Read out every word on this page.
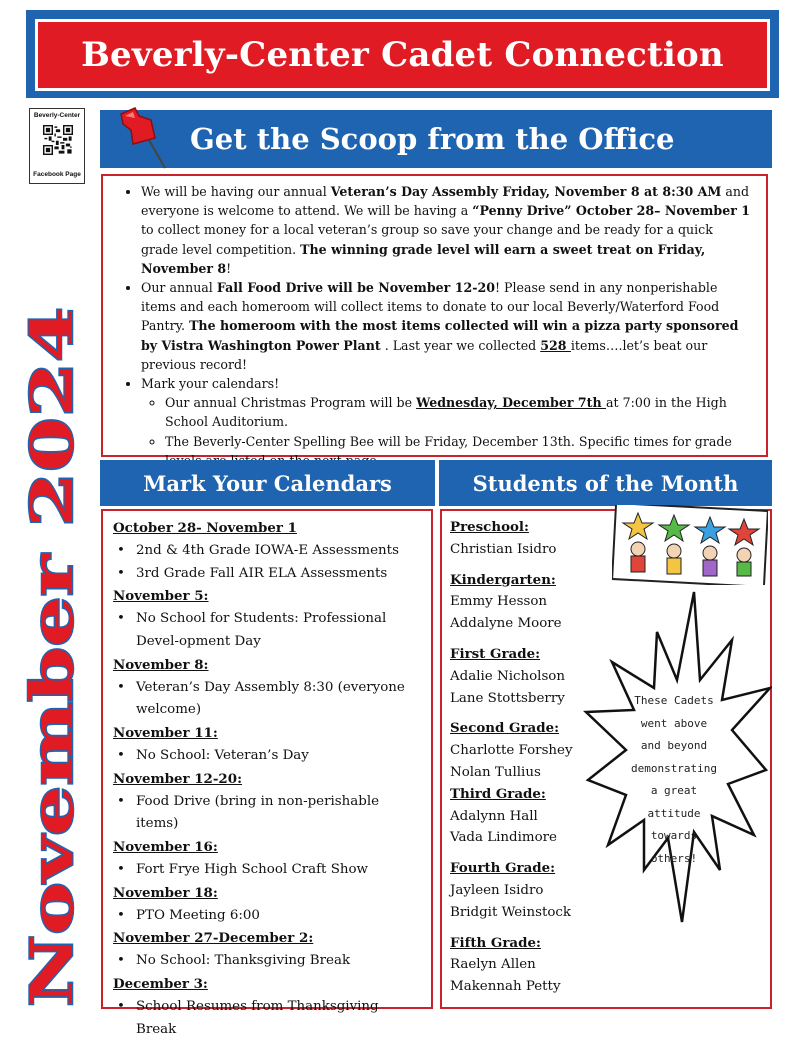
Beverly-Center Cadet Connection
Beverly-Center
Facebook Page
Get the Scoop from the Office
• We will be having our annual Veteran’s Day Assembly Friday, November 8 at 8:30 AM and everyone is welcome to attend. We will be having a “Penny Drive” October 28– November 1 to collect money for a local veteran’s group so save your change and be ready for a quick grade level competition. The winning grade level will earn a sweet treat on Friday, November 8!
• Our annual Fall Food Drive will be November 12-20! Please send in any nonperishable items and each homeroom will collect items to donate to our local Beverly/Waterford Food Pantry. The homeroom with the most items collected will win a pizza party sponsored by Vistra Washington Power Plant . Last year we collected 528 items….let’s beat our previous record!
• Mark your calendars!
◦ Our annual Christmas Program will be Wednesday, December 7th at 7:00 in the High School Auditorium.
◦ The Beverly-Center Spelling Bee will be Friday, December 13th. Specific times for grade
November 2024
Mark Your Calendars	Students of the Month
October 28- November 1
• 2nd & 4th Grade IOWA-E Assessments
• 3rd Grade Fall AIR ELA Assessments
November 5:
• No School for Students: Professional Devel-opment Day
November 8:
• Veteran’s Day Assembly 8:30 (everyone welcome)
November 11:
• No School: Veteran’s Day
November 12-20:
• Food Drive (bring in non-perishable items)
November 16:
• Fort Frye High School Craft Show
November 18:
• PTO Meeting 6:00
November 27-December 2:
• No School: Thanksgiving Break
December 3:
• School Resumes from Thanksgiving Break
Preschool:
Christian Isidro
Kindergarten:
Emmy Hesson
Addalyne Moore
First Grade:
Adalie Nicholson
Lane Stottsberry
Second Grade:
Charlotte Forshey
Nolan Tullius
Third Grade:
Adalynn Hall
Vada Lindimore
Fourth Grade:
Jayleen Isidro
Bridgit Weinstock
Fifth Grade:
Raelyn Allen
Makennah Petty
These Cadets
went above
and beyond
demonstrating
a great
attitude
towards
others!
